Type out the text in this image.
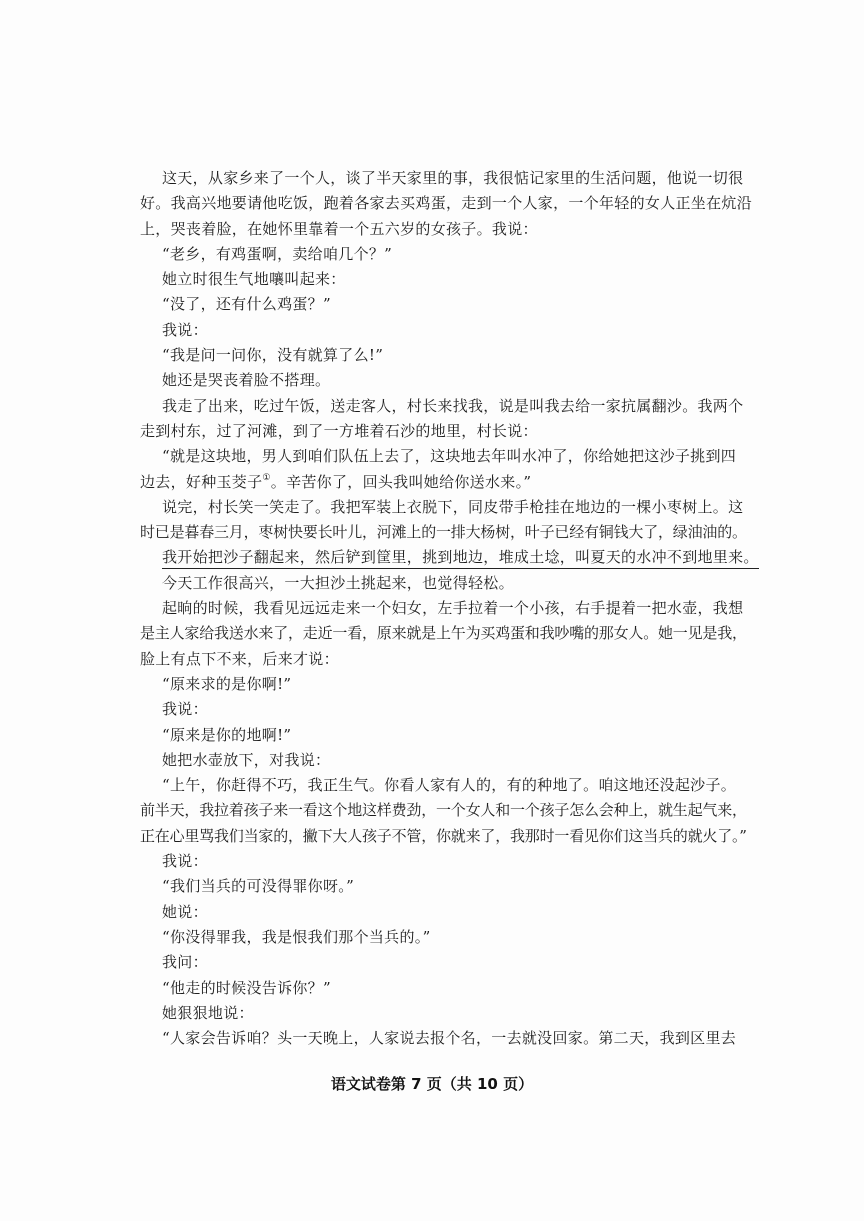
这天，从家乡来了一个人，谈了半天家里的事，我很惦记家里的生活问题，他说一切很
好。我高兴地要请他吃饭，跑着各家去买鸡蛋，走到一个人家，一个年轻的女人正坐在炕沿
上，哭丧着脸，在她怀里靠着一个五六岁的女孩子。我说：
“老乡，有鸡蛋啊，卖给咱几个？”
她立时很生气地嚷叫起来：
“没了，还有什么鸡蛋？”
我说：
“我是问一问你，没有就算了么!”
她还是哭丧着脸不搭理。
我走了出来，吃过午饭，送走客人，村长来找我，说是叫我去给一家抗属翻沙。我两个
走到村东，过了河滩，到了一方堆着石沙的地里，村长说：
“就是这块地，男人到咱们队伍上去了，这块地去年叫水冲了，你给她把这沙子挑到四
边去，好种玉茭子①。辛苦你了，回头我叫她给你送水来。”
说完，村长笑一笑走了。我把军装上衣脱下，同皮带手枪挂在地边的一棵小枣树上。这
时已是暮春三月，枣树快要长叶儿，河滩上的一排大杨树，叶子已经有铜钱大了，绿油油的。
我开始把沙子翻起来，然后铲到筐里，挑到地边，堆成土埝，叫夏天的水冲不到地里来。
今天工作很高兴，一大担沙土挑起来，也觉得轻松。
起晌的时候，我看见远远走来一个妇女，左手拉着一个小孩，右手提着一把水壶，我想
是主人家给我送水来了，走近一看，原来就是上午为买鸡蛋和我吵嘴的那女人。她一见是我，
脸上有点下不来，后来才说：
“原来求的是你啊!”
我说：
“原来是你的地啊!”
她把水壶放下，对我说：
“上午，你赶得不巧，我正生气。你看人家有人的，有的种地了。咱这地还没起沙子。
前半天，我拉着孩子来一看这个地这样费劲，一个女人和一个孩子怎么会种上，就生起气来，
正在心里骂我们当家的，撇下大人孩子不管，你就来了，我那时一看见你们这当兵的就火了。”
我说：
“我们当兵的可没得罪你呀。”
她说：
“你没得罪我，我是恨我们那个当兵的。”
我问：
“他走的时候没告诉你？”
她狠狠地说：
“人家会告诉咱？头一天晚上，人家说去报个名，一去就没回家。第二天，我到区里去
语文试卷第 7 页（共 10 页）
